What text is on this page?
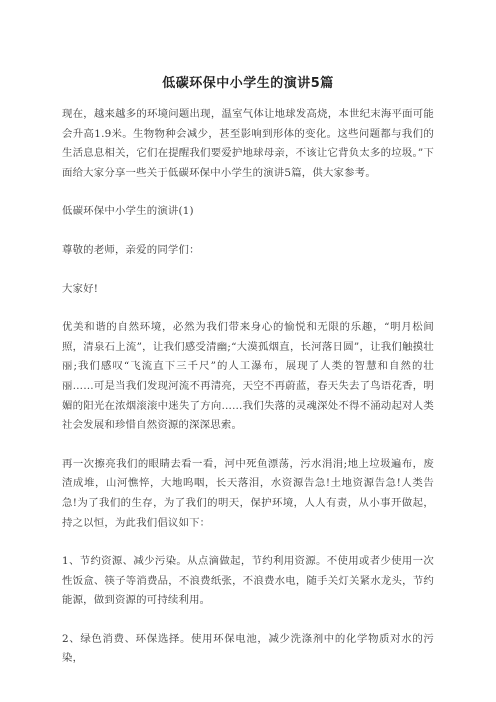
低碳环保中小学生的演讲5篇

现在，越来越多的环境问题出现，温室气体让地球发高烧，本世纪末海平面可能会升高1.9米。生物物种会减少，甚至影响到形体的变化。这些问题都与我们的生活息息相关，它们在提醒我们要爱护地球母亲，不该让它背负太多的垃圾。”下面给大家分享一些关于低碳环保中小学生的演讲5篇，供大家参考。

低碳环保中小学生的演讲(1)

尊敬的老师，亲爱的同学们：

大家好!

优美和谐的自然环境，必然为我们带来身心的愉悦和无限的乐趣，“明月松间照，清泉石上流”，让我们感受清幽;“大漠孤烟直，长河落日圆”，让我们触摸壮丽;我们感叹“飞流直下三千尺”的人工瀑布，展现了人类的智慧和自然的壮丽……可是当我们发现河流不再清亮，天空不再蔚蓝，春天失去了鸟语花香，明媚的阳光在浓烟滚滚中迷失了方向……我们失落的灵魂深处不得不涌动起对人类社会发展和珍惜自然资源的深深思索。

再一次擦亮我们的眼睛去看一看，河中死鱼漂荡，污水涓涓;地上垃圾遍布，废渣成堆，山河憔悴，大地呜咽，长天落泪，水资源告急!土地资源告急!人类告急!为了我们的生存，为了我们的明天，保护环境，人人有责，从小事开做起，持之以恒，为此我们倡议如下：

1、节约资源、减少污染。从点滴做起，节约利用资源。不使用或者少使用一次性饭盒、筷子等消费品，不浪费纸张，不浪费水电，随手关灯关紧水龙头，节约能源，做到资源的可持续利用。

2、绿色消费、环保选择。使用环保电池，减少洗涤剂中的化学物质对水的污染，
